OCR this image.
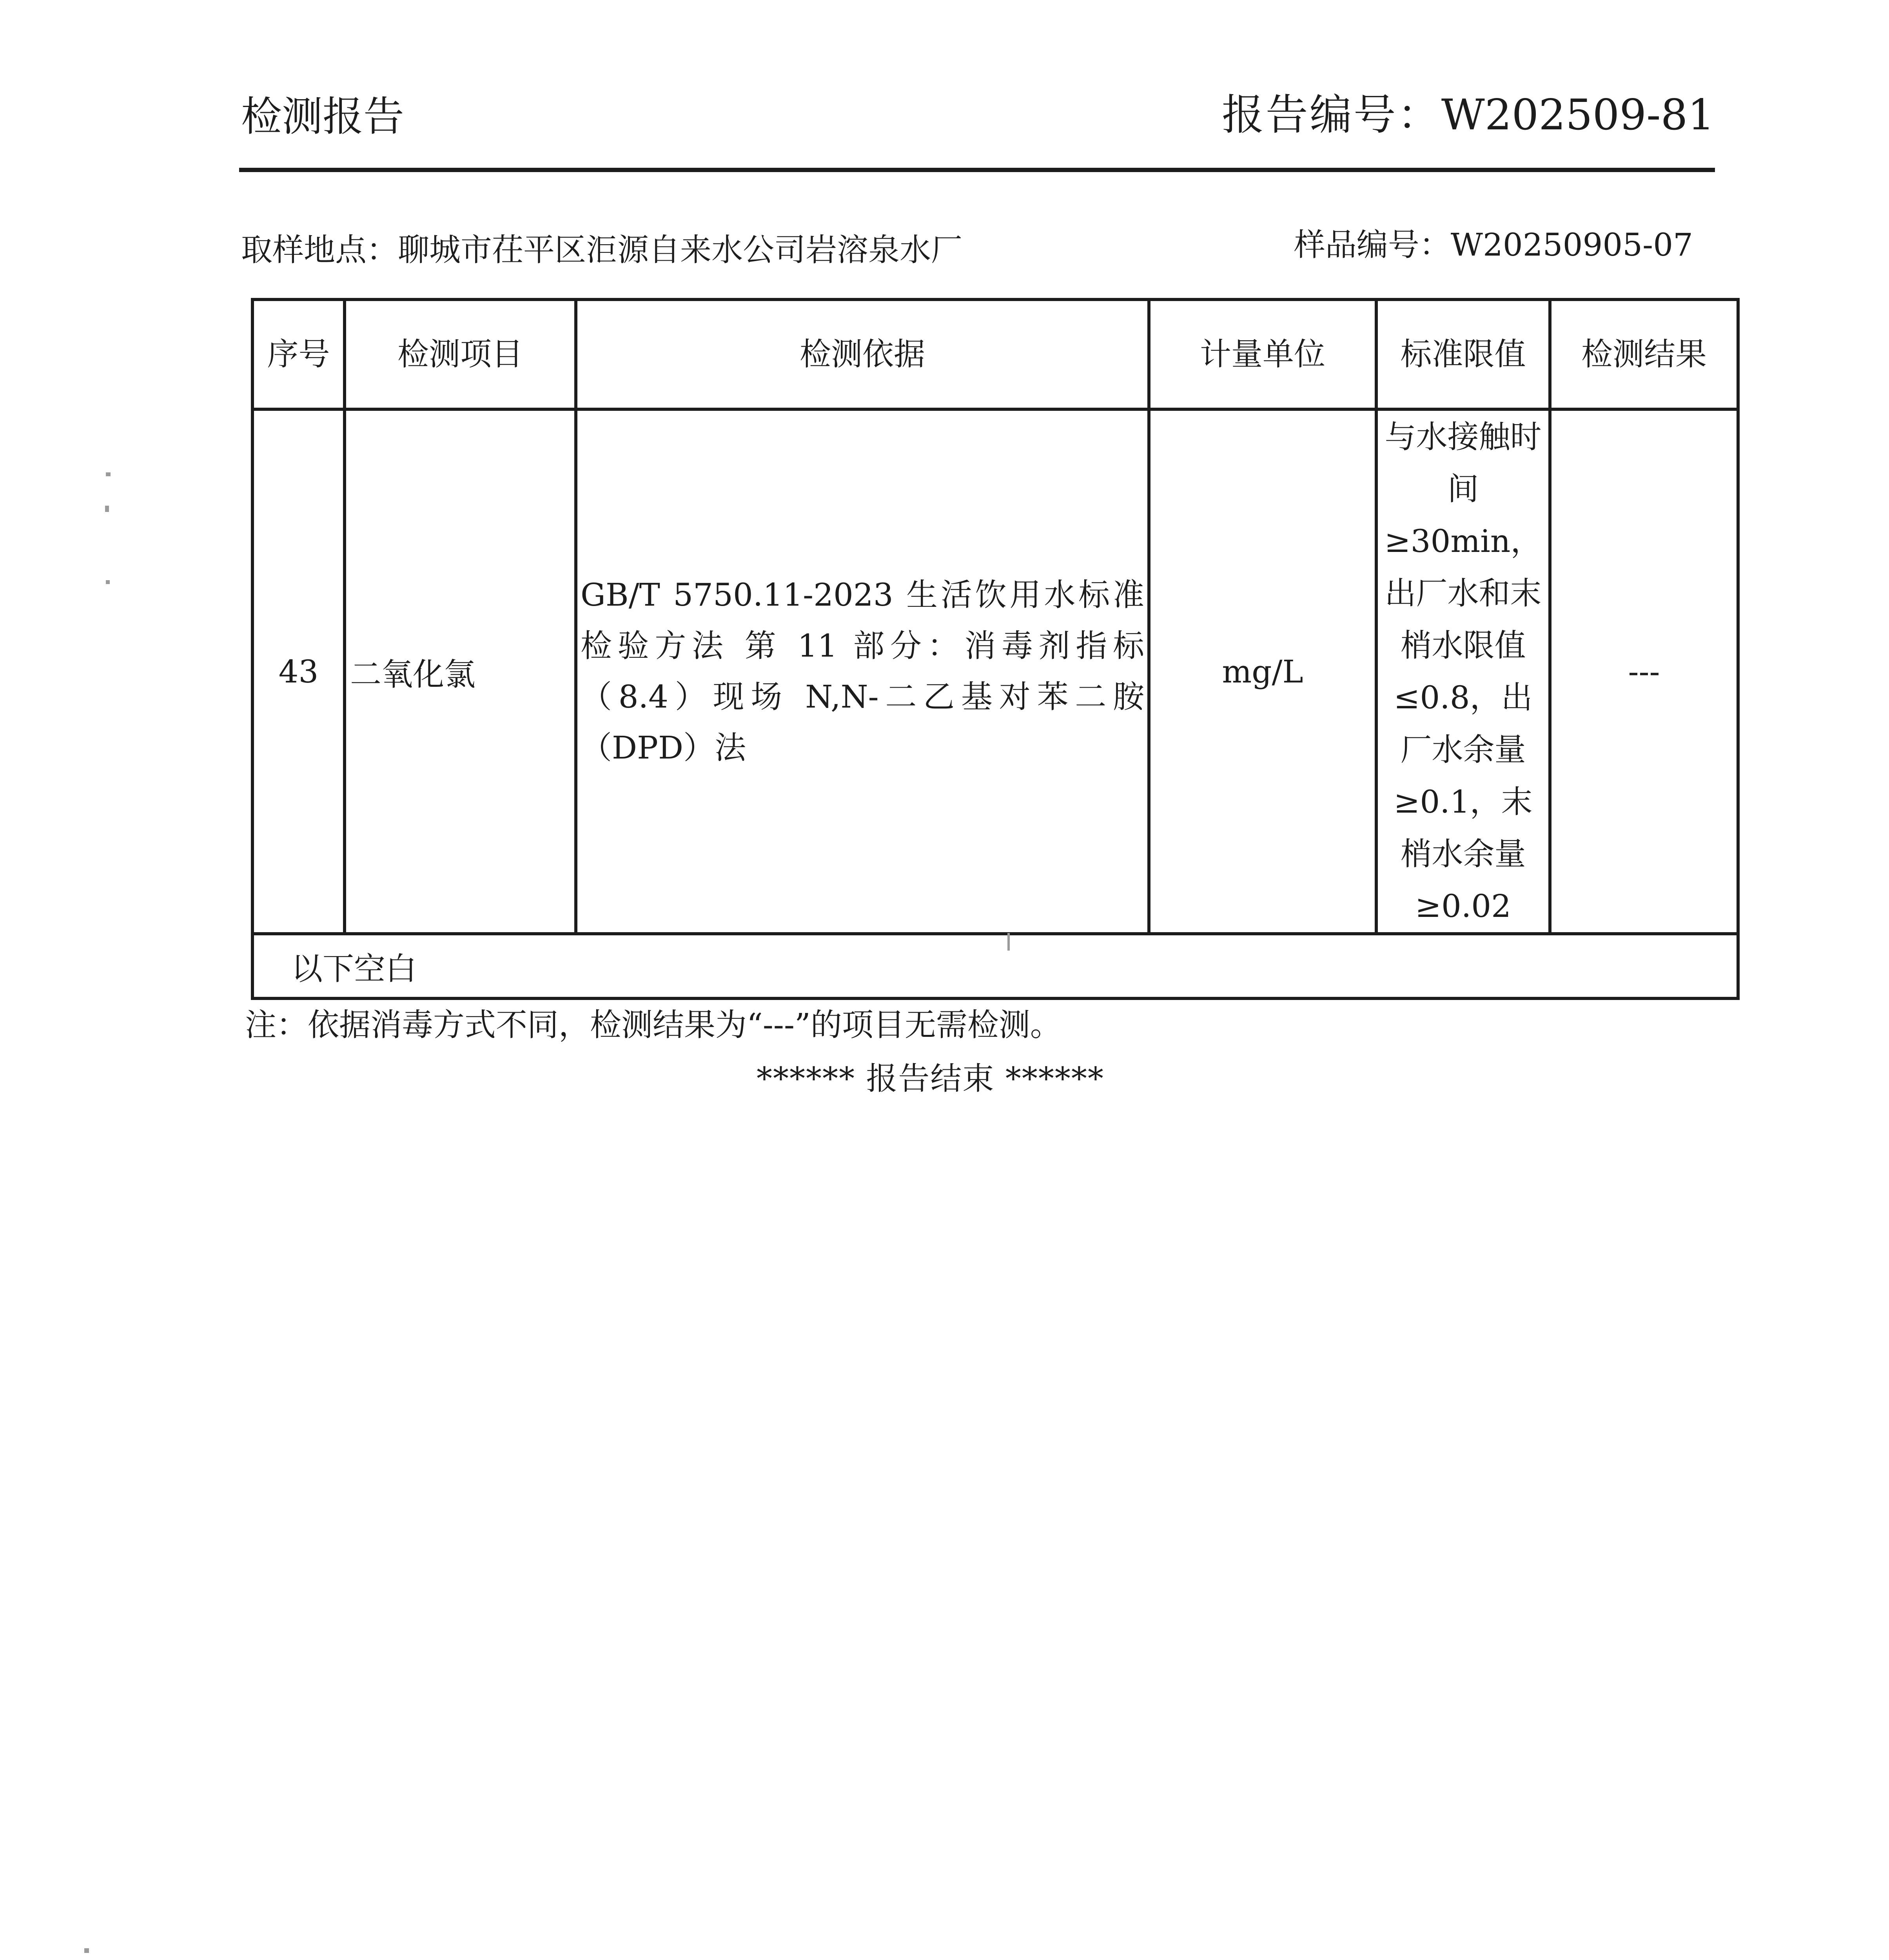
检测报告	报告编号：W202509-81
取样地点：聊城市茌平区洰源自来水公司岩溶泉水厂	样品编号：W20250905-07
序号	检测项目	检测依据	计量单位	标准限值	检测结果
43	二氧化氯	GB/T 5750.11-2023 生活饮用水标准检验方法 第 11 部分：消毒剂指标（8.4）现场 N,N-二乙基对苯二胺（DPD）法	mg/L	与水接触时间≥30min，出厂水和末梢水限值≤0.8，出厂水余量≥0.1，末梢水余量≥0.02	---
以下空白					
注：依据消毒方式不同，检测结果为“---”的项目无需检测。
****** 报告结束 ******
